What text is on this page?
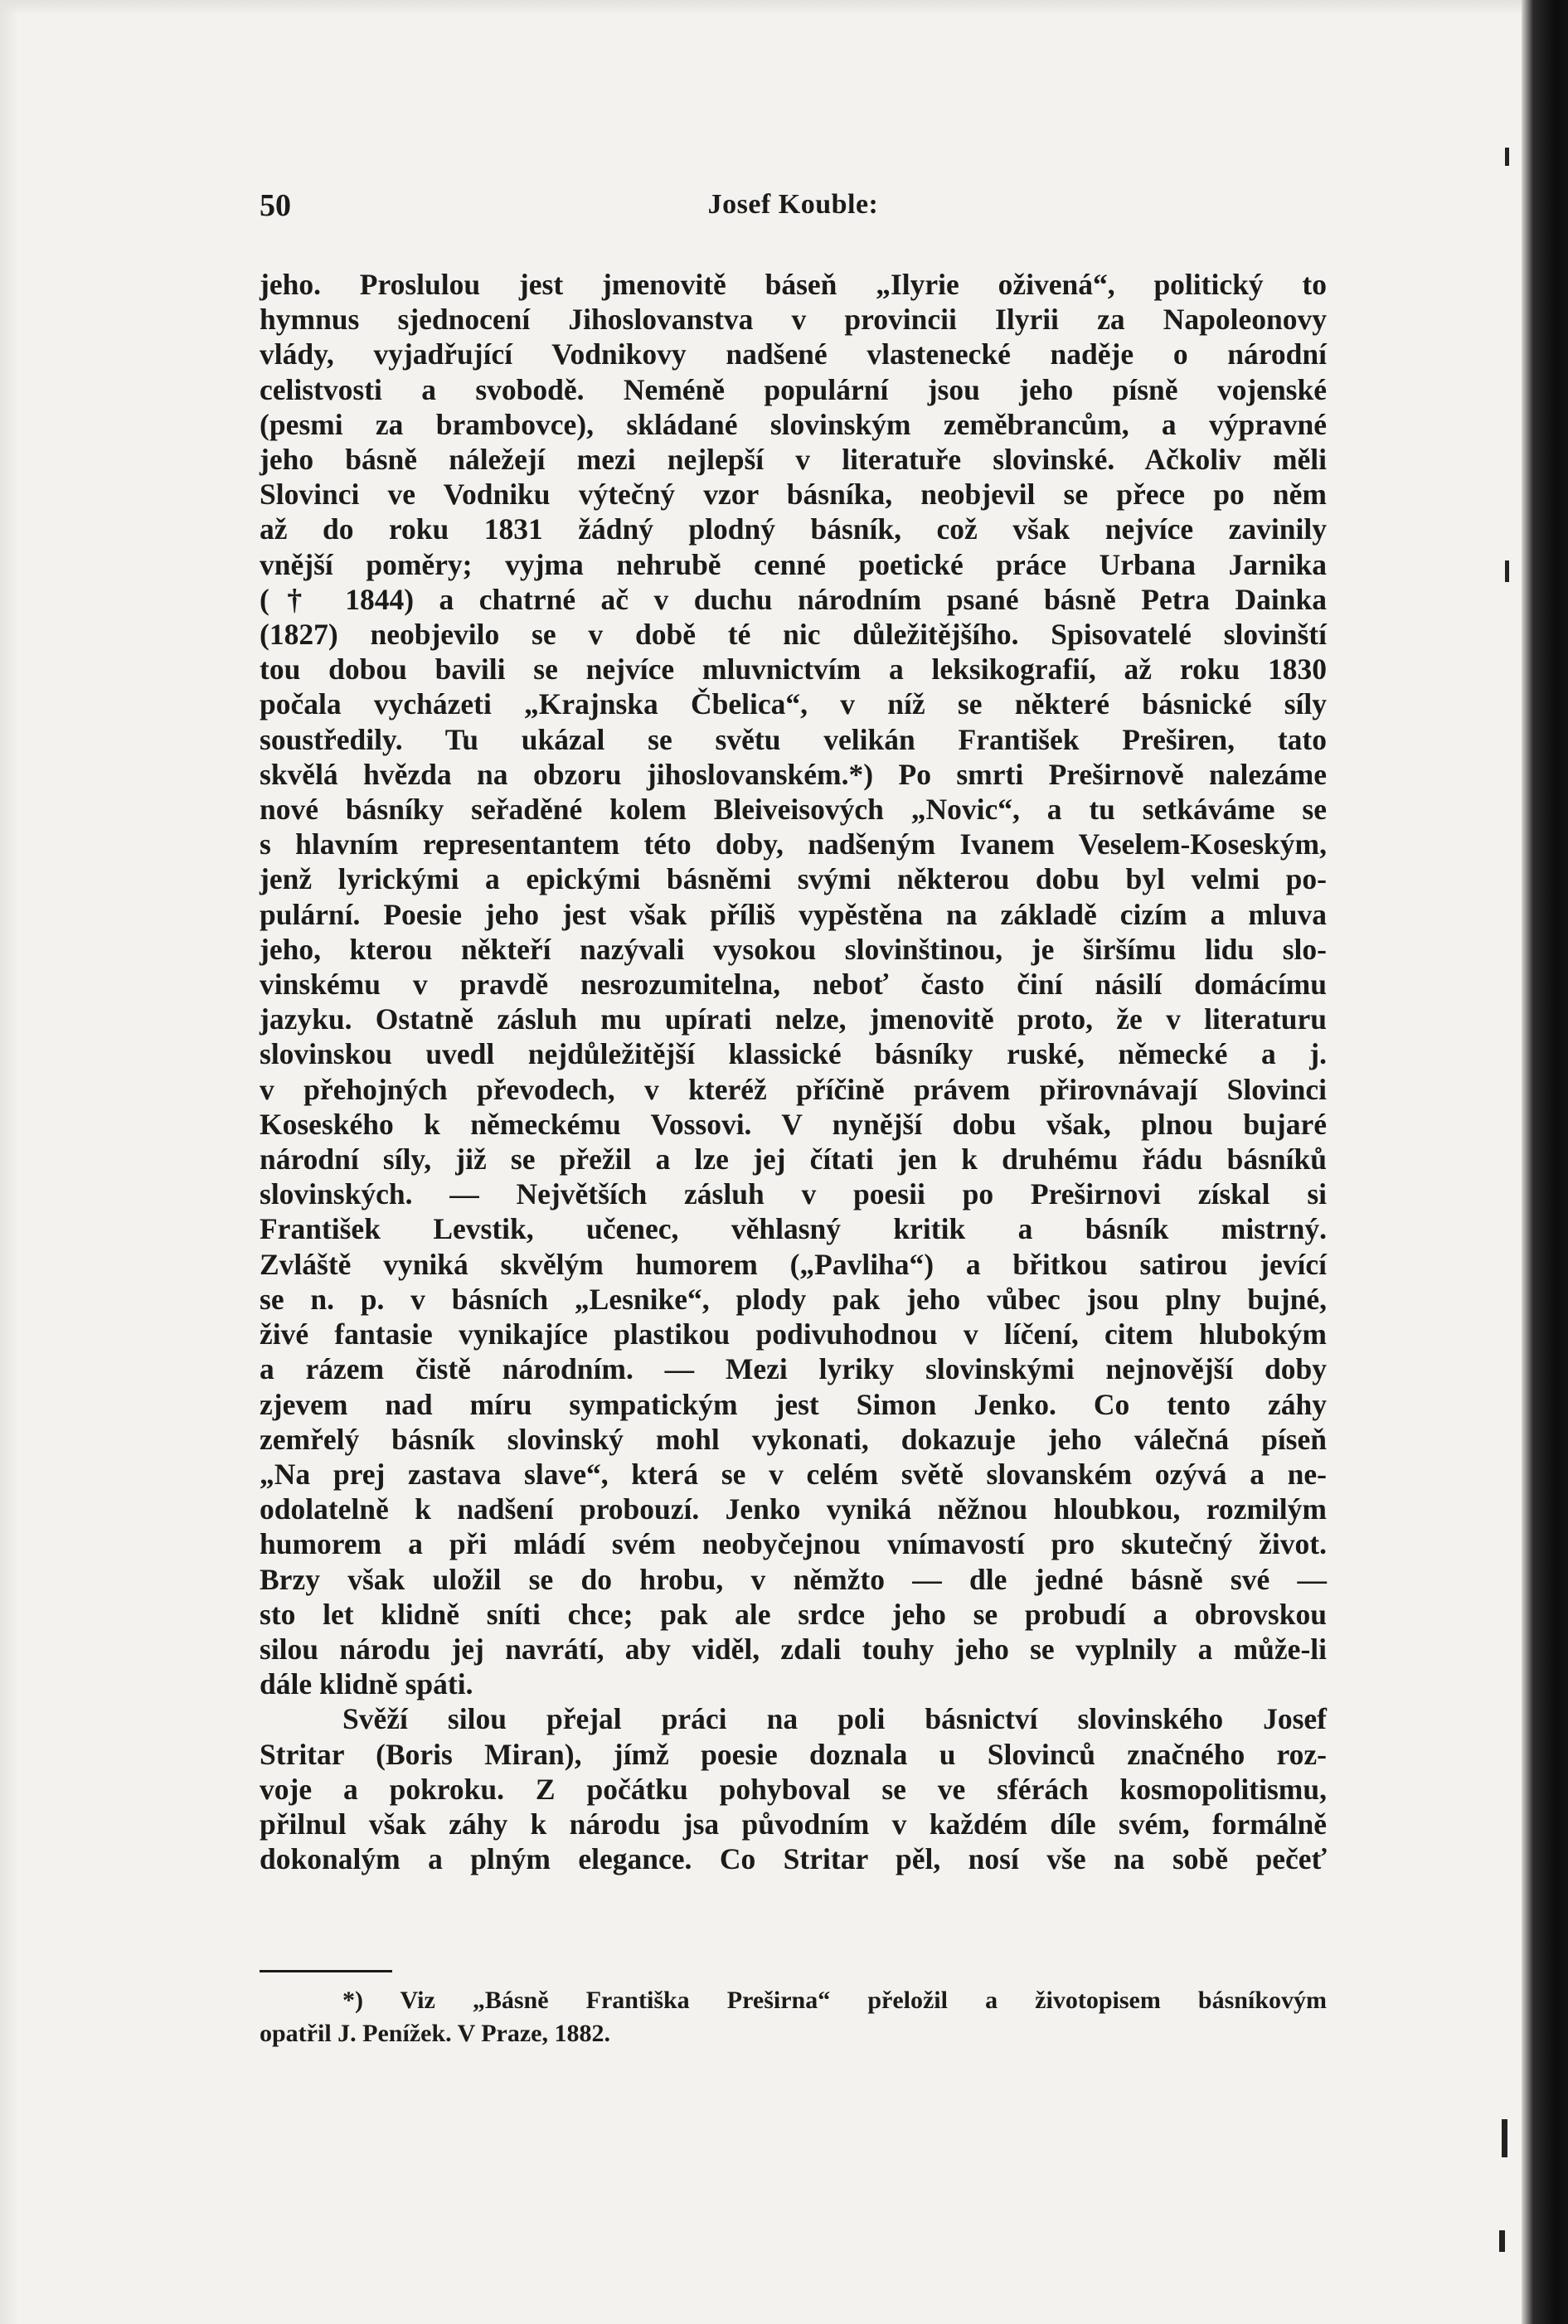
50	Josef Kouble:
jeho. Proslulou jest jmenovitě báseň „Ilyrie oživená“, politický to
hymnus sjednocení Jihoslovanstva v provincii Ilyrii za Napoleonovy
vlády, vyjadřující Vodnikovy nadšené vlastenecké naděje o národní
celistvosti a svobodě. Neméně populární jsou jeho písně vojenské
(pesmi za brambovce), skládané slovinským zeměbrancům, a výpravné
jeho básně náležejí mezi nejlepší v literatuře slovinské. Ačkoliv měli
Slovinci ve Vodniku výtečný vzor básníka, neobjevil se přece po něm
až do roku 1831 žádný plodný básník, což však nejvíce zavinily
vnější poměry; vyjma nehrubě cenné poetické práce Urbana Jarnika
(† 1844) a chatrné ač v duchu národním psané básně Petra Dainka
(1827) neobjevilo se v době té nic důležitějšího. Spisovatelé slovinští
tou dobou bavili se nejvíce mluvnictvím a leksikografií, až roku 1830
počala vycházeti „Krajnska Čbelica“, v níž se některé básnické síly
soustředily. Tu ukázal se světu velikán František Preširen, tato
skvělá hvězda na obzoru jihoslovanském.*) Po smrti Preširnově nalezáme
nové básníky seřaděné kolem Bleiveisových „Novic“, a tu setkáváme se
s hlavním representantem této doby, nadšeným Ivanem Veselem-Koseským,
jenž lyrickými a epickými básněmi svými některou dobu byl velmi po-
pulární. Poesie jeho jest však příliš vypěstěna na základě cizím a mluva
jeho, kterou někteří nazývali vysokou slovinštinou, je širšímu lidu slo-
vinskému v pravdě nesrozumitelna, neboť často činí násilí domácímu
jazyku. Ostatně zásluh mu upírati nelze, jmenovitě proto, že v literaturu
slovinskou uvedl nejdůležitější klassické básníky ruské, německé a j.
v přehojných převodech, v kteréž příčině právem přirovnávají Slovinci
Koseského k německému Vossovi. V nynější dobu však, plnou bujaré
národní síly, již se přežil a lze jej čítati jen k druhému řádu básníků
slovinských. — Největších zásluh v poesii po Preširnovi získal si
František Levstik, učenec, věhlasný kritik a básník mistrný.
Zvláště vyniká skvělým humorem („Pavliha“) a břitkou satirou jevící
se n. p. v básních „Lesnike“, plody pak jeho vůbec jsou plny bujné,
živé fantasie vynikajíce plastikou podivuhodnou v líčení, citem hlubokým
a rázem čistě národním. — Mezi lyriky slovinskými nejnovější doby
zjevem nad míru sympatickým jest Simon Jenko. Co tento záhy
zemřelý básník slovinský mohl vykonati, dokazuje jeho válečná píseň
„Na prej zastava slave“, která se v celém světě slovanském ozývá a ne-
odolatelně k nadšení probouzí. Jenko vyniká něžnou hloubkou, rozmilým
humorem a při mládí svém neobyčejnou vnímavostí pro skutečný život.
Brzy však uložil se do hrobu, v němžto — dle jedné básně své —
sto let klidně sníti chce; pak ale srdce jeho se probudí a obrovskou
silou národu jej navrátí, aby viděl, zdali touhy jeho se vyplnily a může-li
dále klidně spáti.
Svěží silou přejal práci na poli básnictví slovinského Josef
Stritar (Boris Miran), jímž poesie doznala u Slovinců značného roz-
voje a pokroku. Z počátku pohyboval se ve sférách kosmopolitismu,
přilnul však záhy k národu jsa původním v každém díle svém, formálně
dokonalým a plným elegance. Co Stritar pěl, nosí vše na sobě pečeť
*) Viz „Básně Františka Preširna“ přeložil a životopisem básníkovým
opatřil J. Penížek. V Praze, 1882.
